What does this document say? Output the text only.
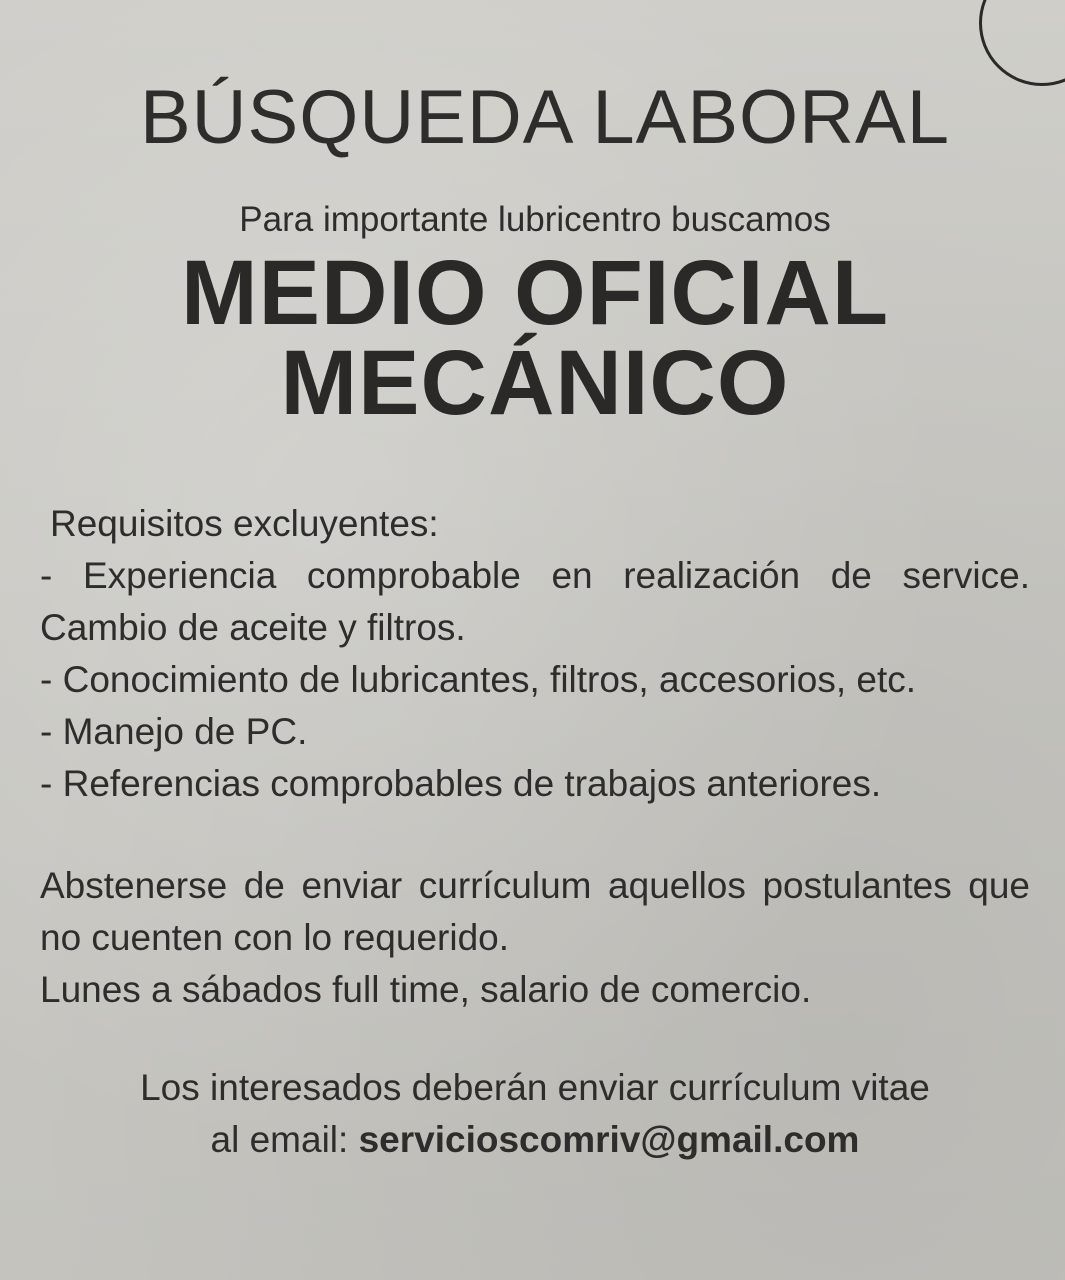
BÚSQUEDA LABORAL

Para importante lubricentro buscamos

MEDIO OFICIAL
MECÁNICO

Requisitos excluyentes:

- Experiencia comprobable en realización de service. Cambio de aceite y filtros.

- Conocimiento de lubricantes, filtros, accesorios, etc.

- Manejo de PC.

- Referencias comprobables de trabajos anteriores.

Abstenerse de enviar currículum aquellos postulantes que no cuenten con lo requerido.

Lunes a sábados full time, salario de comercio.

Los interesados deberán enviar currículum vitae
al email: servicioscomriv@gmail.com
